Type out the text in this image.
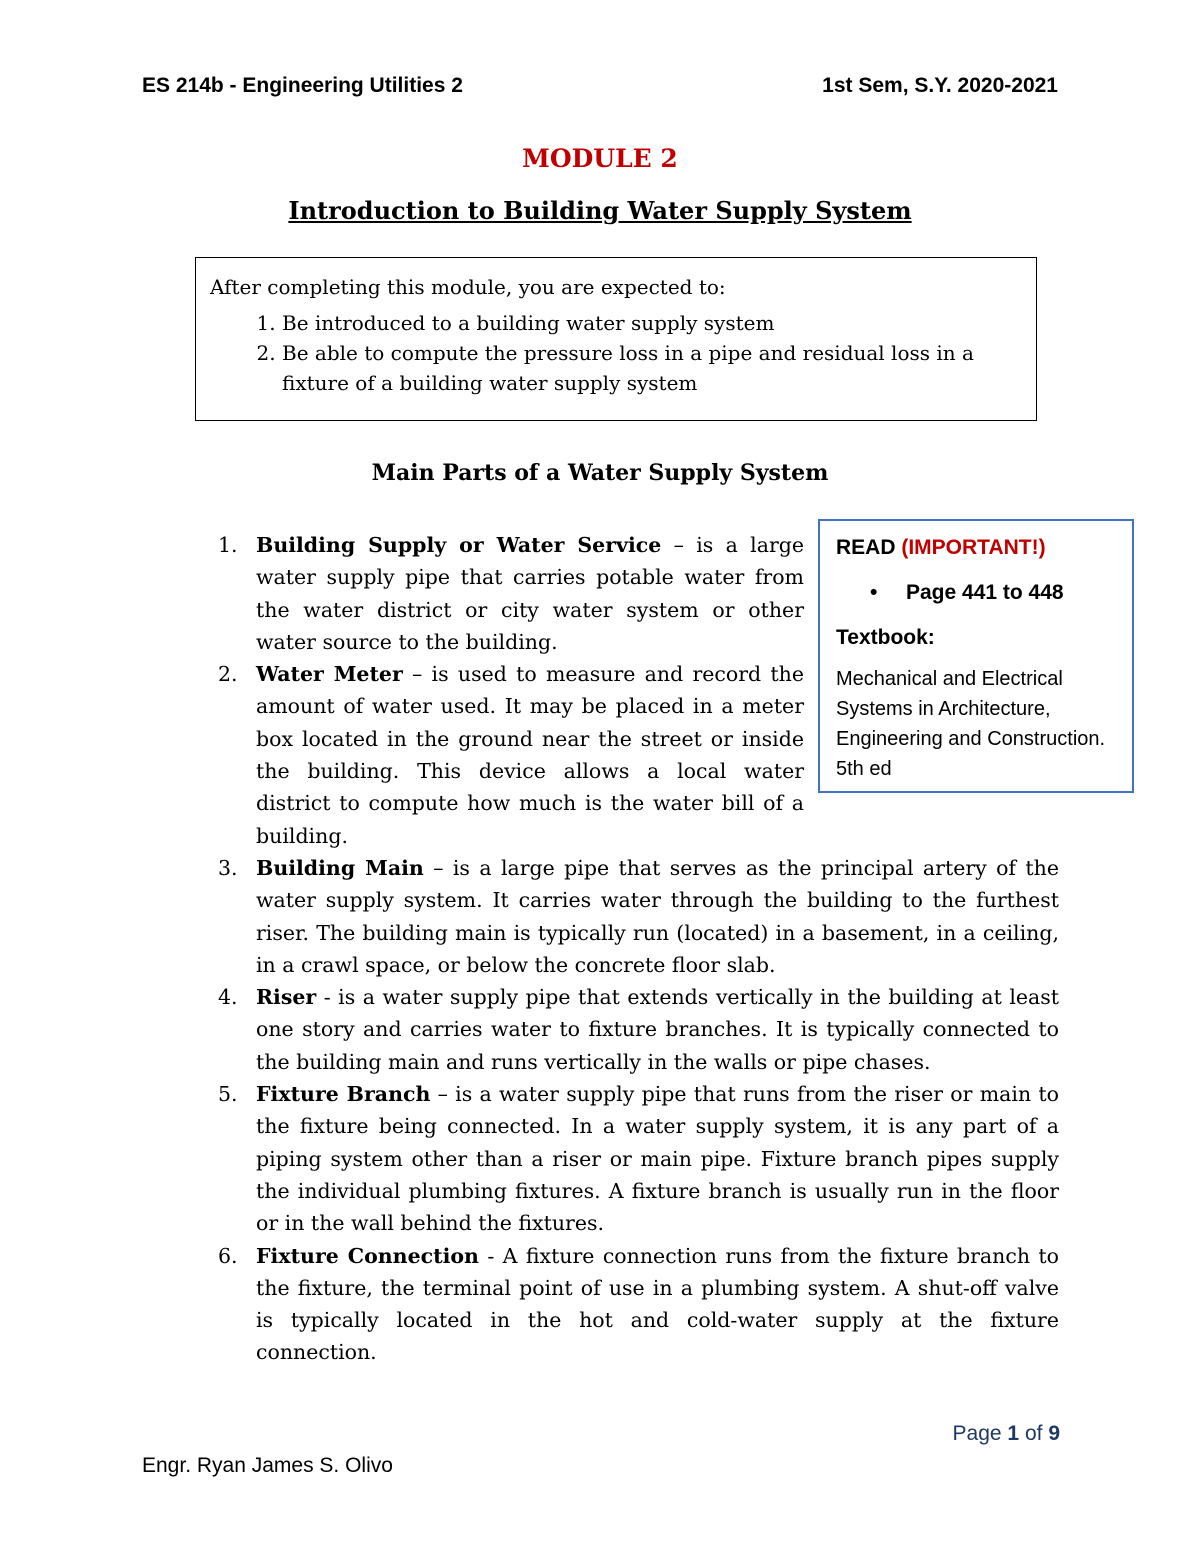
ES 214b - Engineering Utilities 2	1st Sem, S.Y. 2020-2021
MODULE 2
Introduction to Building Water Supply System

After completing this module, you are expected to:

1. Be introduced to a building water supply system
2. Be able to compute the pressure loss in a pipe and residual loss in a fixture of a building water supply system
Main Parts of a Water Supply System
READ (IMPORTANT!)
• Page 441 to 448
Textbook:
Mechanical and Electrical Systems in Architecture, Engineering and Construction. 5th ed
1. Building Supply or Water Service – is a large water supply pipe that carries potable water from the water district or city water system or other water source to the building.
2. Water Meter – is used to measure and record the amount of water used. It may be placed in a meter box located in the ground near the street or inside the building. This device allows a local water district to compute how much is the water bill of a building.
3. Building Main – is a large pipe that serves as the principal artery of the water supply system. It carries water through the building to the furthest riser. The building main is typically run (located) in a basement, in a ceiling, in a crawl space, or below the concrete floor slab.
4. Riser - is a water supply pipe that extends vertically in the building at least one story and carries water to fixture branches. It is typically connected to the building main and runs vertically in the walls or pipe chases.
5. Fixture Branch – is a water supply pipe that runs from the riser or main to the fixture being connected. In a water supply system, it is any part of a piping system other than a riser or main pipe. Fixture branch pipes supply the individual plumbing fixtures. A fixture branch is usually run in the floor or in the wall behind the fixtures.
6. Fixture Connection - A fixture connection runs from the fixture branch to the fixture, the terminal point of use in a plumbing system. A shut-off valve is typically located in the hot and cold-water supply at the fixture connection.
Page 1 of 9
Engr. Ryan James S. Olivo
